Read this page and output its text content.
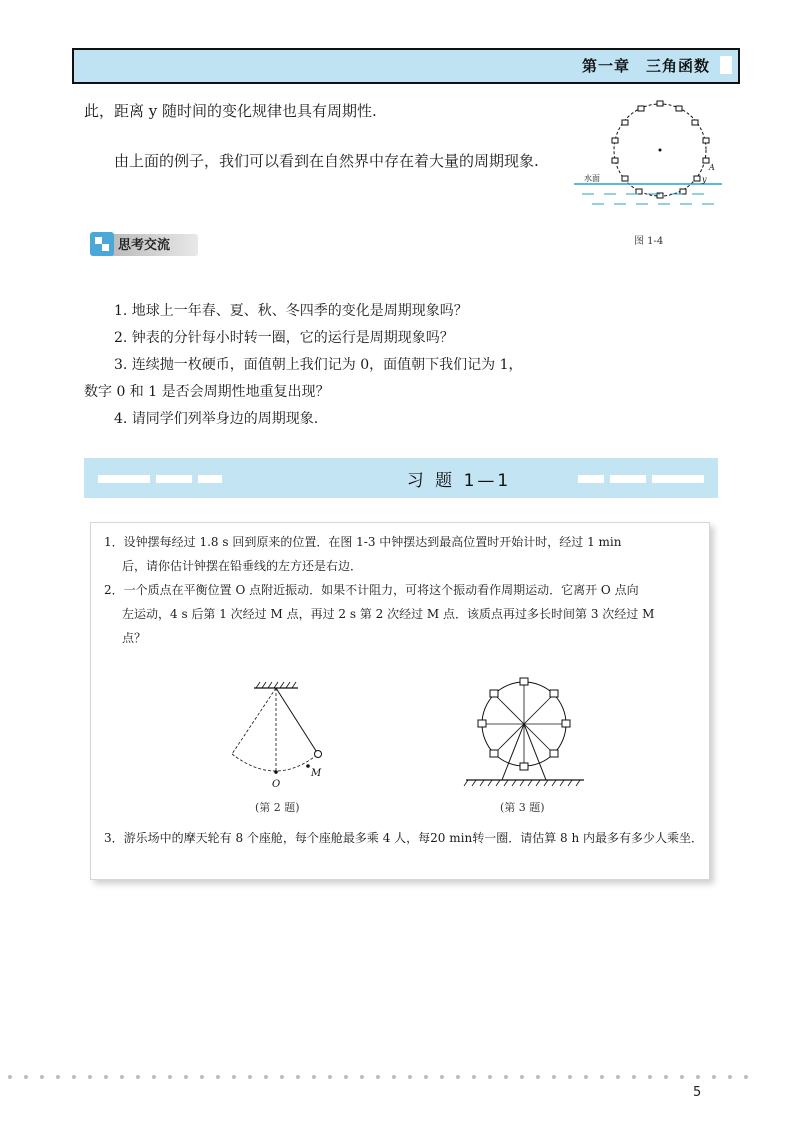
第一章　三角函数

此，距离 y 随时间的变化规律也具有周期性.

由上面的例子，我们可以看到在自然界中存在着大量的周期现象.

水面
A
y
图 1-4
思考交流
1. 地球上一年春、夏、秋、冬四季的变化是周期现象吗？
2. 钟表的分针每小时转一圈，它的运行是周期现象吗？
3. 连续抛一枚硬币，面值朝上我们记为 0，面值朝下我们记为 1，
数字 0 和 1 是否会周期性地重复出现？
4. 请同学们列举身边的周期现象.
习 题 1—1
1．设钟摆每经过 1.8 s 回到原来的位置．在图 1-3 中钟摆达到最高位置时开始计时，经过 1 min
后，请你估计钟摆在铅垂线的左方还是右边．
2．一个质点在平衡位置 O 点附近振动．如果不计阻力，可将这个振动看作周期运动．它离开 O 点向
左运动，4 s 后第 1 次经过 M 点，再过 2 s 第 2 次经过 M 点．该质点再过多长时间第 3 次经过 M
点？
O
M
(第 2 题)	(第 3 题)

3．游乐场中的摩天轮有 8 个座舱，每个座舱最多乘 4 人，每20 min转一圈．请估算 8 h 内最多有多少人乘坐．

5
